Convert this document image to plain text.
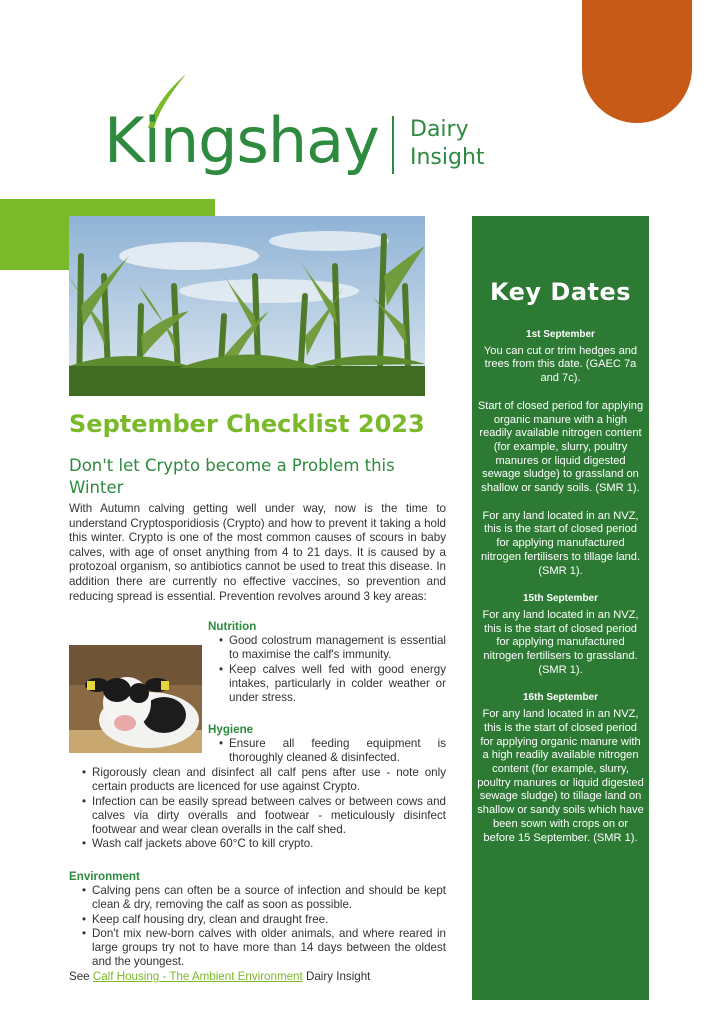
Kingshay Dairy
Insight
September Checklist 2023
Don't let Crypto become a Problem this Winter
With Autumn calving getting well under way, now is the time to understand Cryptosporidiosis (Crypto) and how to prevent it taking a hold this winter. Crypto is one of the most common causes of scours in baby calves, with age of onset anything from 4 to 21 days. It is caused by a protozoal organism, so antibiotics cannot be used to treat this disease. In addition there are currently no effective vaccines, so prevention and reducing spread is essential. Prevention revolves around 3 key areas:
Nutrition
• Good colostrum management is essential to maximise the calf's immunity.
• Keep calves well fed with good energy intakes, particularly in colder weather or under stress.
Hygiene
• Ensure all feeding equipment is thoroughly cleaned & disinfected.
• Rigorously clean and disinfect all calf pens after use - note only certain products are licenced for use against Crypto.
• Infection can be easily spread between calves or between cows and calves via dirty overalls and footwear - meticulously disinfect footwear and wear clean overalls in the calf shed.
• Wash calf jackets above 60°C to kill crypto.
Environment
• Calving pens can often be a source of infection and should be kept clean & dry, removing the calf as soon as possible.
• Keep calf housing dry, clean and draught free.
• Don't mix new-born calves with older animals, and where reared in large groups try not to have more than 14 days between the oldest and the youngest.
See Calf Housing - The Ambient Environment Dairy Insight
Key Dates
1st September

You can cut or trim hedges and trees from this date. (GAEC 7a and 7c).

Start of closed period for applying organic manure with a high readily available nitrogen content (for example, slurry, poultry manures or liquid digested sewage sludge) to grassland on shallow or sandy soils. (SMR 1).

For any land located in an NVZ, this is the start of closed period for applying manufactured nitrogen fertilisers to tillage land. (SMR 1).

15th September

For any land located in an NVZ, this is the start of closed period for applying manufactured nitrogen fertilisers to grassland. (SMR 1).

16th September

For any land located in an NVZ, this is the start of closed period for applying organic manure with a high readily available nitrogen content (for example, slurry, poultry manures or liquid digested sewage sludge) to tillage land on shallow or sandy soils which have been sown with crops on or before 15 September. (SMR 1).
